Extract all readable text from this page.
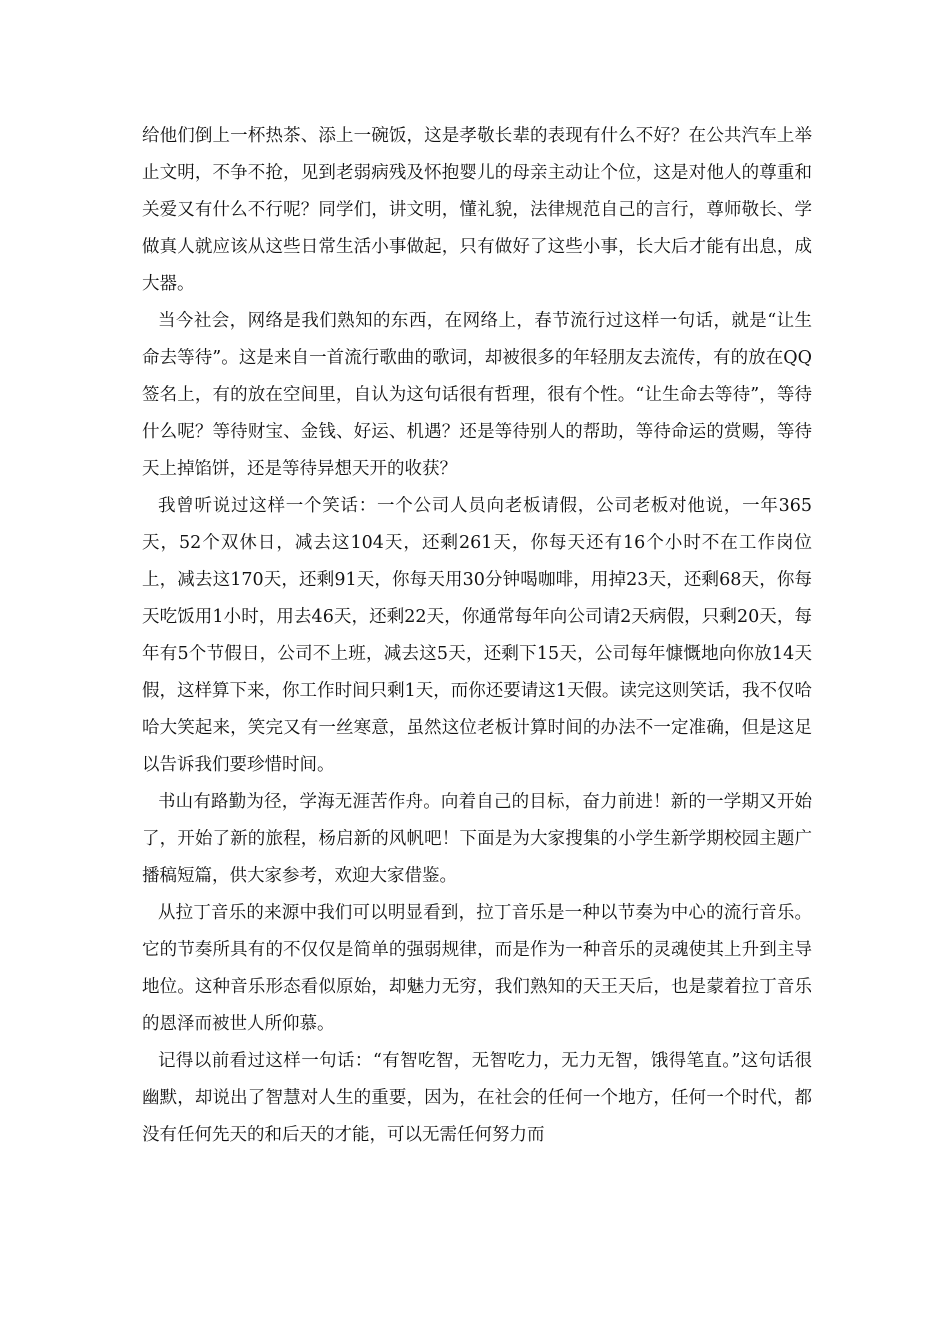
给他们倒上一杯热茶、添上一碗饭，这是孝敬长辈的表现有什么不好？在公共汽车上举止文明，不争不抢，见到老弱病残及怀抱婴儿的母亲主动让个位，这是对他人的尊重和关爱又有什么不行呢？同学们，讲文明，懂礼貌，法律规范自己的言行，尊师敬长、学做真人就应该从这些日常生活小事做起，只有做好了这些小事，长大后才能有出息，成大器。

当今社会，网络是我们熟知的东西，在网络上，春节流行过这样一句话，就是“让生命去等待”。这是来自一首流行歌曲的歌词，却被很多的年轻朋友去流传，有的放在QQ签名上，有的放在空间里，自认为这句话很有哲理，很有个性。“让生命去等待”，等待什么呢？等待财宝、金钱、好运、机遇？还是等待别人的帮助，等待命运的赏赐，等待天上掉馅饼，还是等待异想天开的收获？

我曾听说过这样一个笑话：一个公司人员向老板请假，公司老板对他说，一年365天，52个双休日，减去这104天，还剩261天，你每天还有16个小时不在工作岗位上，减去这170天，还剩91天，你每天用30分钟喝咖啡，用掉23天，还剩68天，你每天吃饭用1小时，用去46天，还剩22天，你通常每年向公司请2天病假，只剩20天，每年有5个节假日，公司不上班，减去这5天，还剩下15天，公司每年慷慨地向你放14天假，这样算下来，你工作时间只剩1天，而你还要请这1天假。读完这则笑话，我不仅哈哈大笑起来，笑完又有一丝寒意，虽然这位老板计算时间的办法不一定准确，但是这足以告诉我们要珍惜时间。

书山有路勤为径，学海无涯苦作舟。向着自己的目标，奋力前进！新的一学期又开始了，开始了新的旅程，杨启新的风帆吧！下面是为大家搜集的小学生新学期校园主题广播稿短篇，供大家参考，欢迎大家借鉴。

从拉丁音乐的来源中我们可以明显看到，拉丁音乐是一种以节奏为中心的流行音乐。它的节奏所具有的不仅仅是简单的强弱规律，而是作为一种音乐的灵魂使其上升到主导地位。这种音乐形态看似原始，却魅力无穷，我们熟知的天王天后，也是蒙着拉丁音乐的恩泽而被世人所仰慕。

记得以前看过这样一句话：“有智吃智，无智吃力，无力无智，饿得笔直。”这句话很幽默，却说出了智慧对人生的重要，因为，在社会的任何一个地方，任何一个时代，都没有任何先天的和后天的才能，可以无需任何努力而
